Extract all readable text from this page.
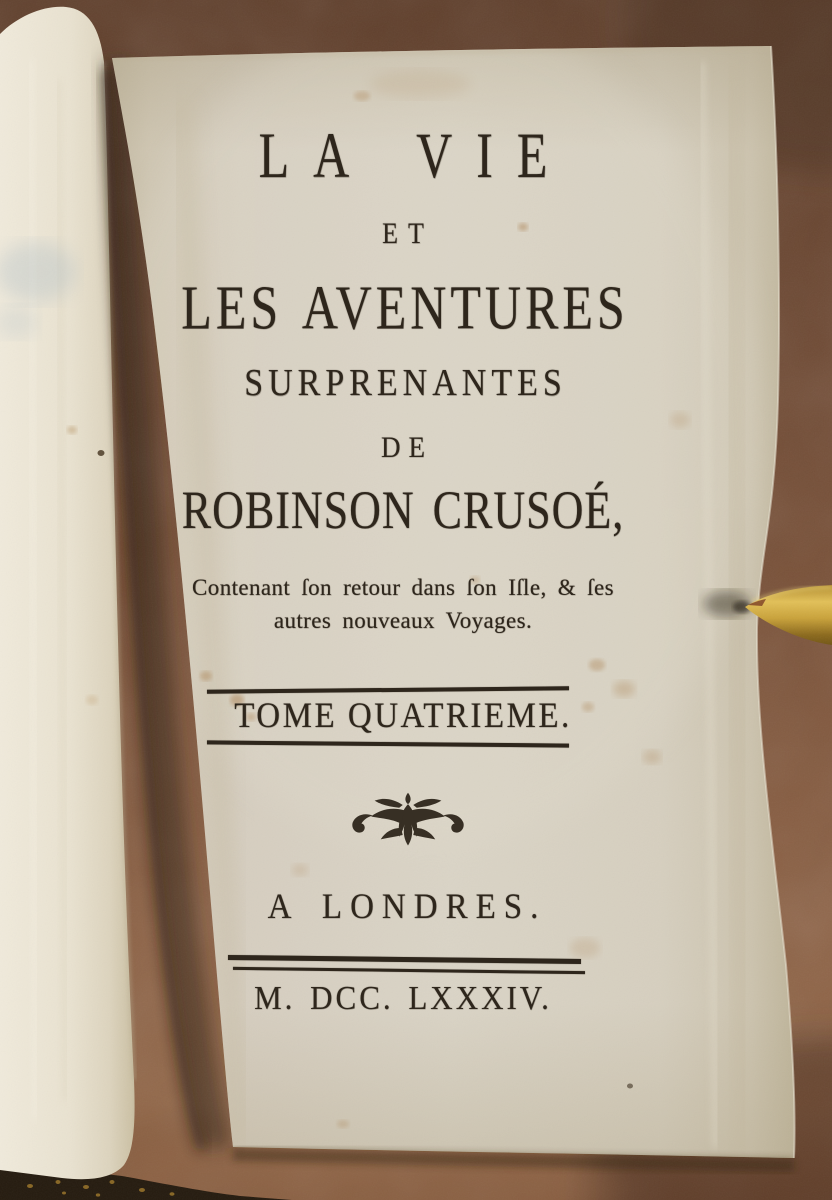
LA VIE
ET
LES AVENTURES
SURPRENANTES
DE
ROBINSON CRUSOÉ,
Contenant ſon retour dans ſon Iſle, & ſes
autres nouveaux Voyages.
TOME QUATRIEME.
A LONDRES.
M. DCC. LXXXIV.
